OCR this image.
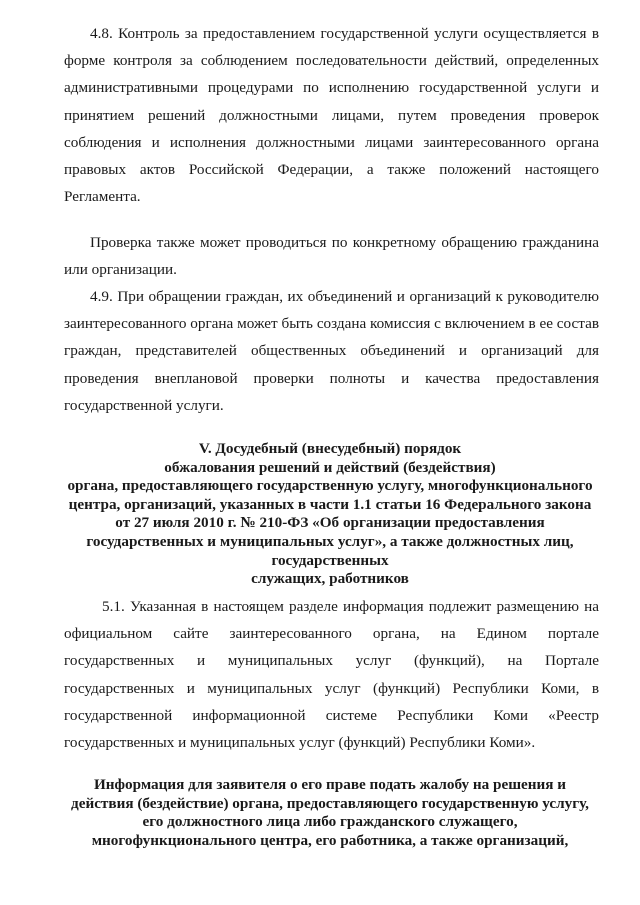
4.8. Контроль за предоставлением государственной услуги осуществляется в форме контроля за соблюдением последовательности действий, определенных административными процедурами по исполнению государственной услуги и принятием решений должностными лицами, путем проведения проверок соблюдения и исполнения должностными лицами заинтересованного органа правовых актов Российской Федерации, а также положений настоящего Регламента.

Проверка также может проводиться по конкретному обращению гражданина или организации.

4.9. При обращении граждан, их объединений и организаций к руководителю заинтересованного органа может быть создана комиссия с включением в ее состав граждан, представителей общественных объединений и организаций для проведения внеплановой проверки полноты и качества предоставления государственной услуги.

V. Досудебный (внесудебный) порядок
обжалования решений и действий (бездействия)
органа, предоставляющего государственную услугу, многофункционального
центра, организаций, указанных в части 1.1 статьи 16 Федерального закона
от 27 июля 2010 г. № 210-ФЗ «Об организации предоставления
государственных и муниципальных услуг», а также должностных лиц,
государственных
служащих, работников

5.1. Указанная в настоящем разделе информация подлежит размещению на официальном сайте заинтересованного органа, на Едином портале государственных и муниципальных услуг (функций), на Портале государственных и муниципальных услуг (функций) Республики Коми, в государственной информационной системе Республики Коми «Реестр государственных и муниципальных услуг (функций) Республики Коми».

Информация для заявителя о его праве подать жалобу на решения и
действия (бездействие) органа, предоставляющего государственную услугу,
его должностного лица либо гражданского служащего,
многофункционального центра, его работника, а также организаций,
